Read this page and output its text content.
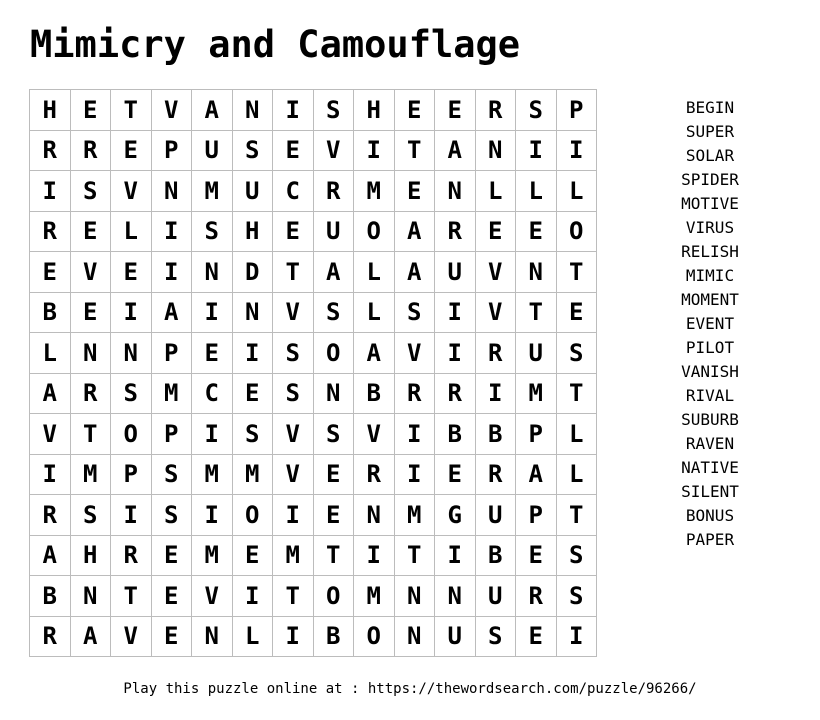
Mimicry and Camouflage
H	E	T	V	A	N	I	S	H	E	E	R	S	P
R	R	E	P	U	S	E	V	I	T	A	N	I	I
I	S	V	N	M	U	C	R	M	E	N	L	L	L
R	E	L	I	S	H	E	U	O	A	R	E	E	O
E	V	E	I	N	D	T	A	L	A	U	V	N	T
B	E	I	A	I	N	V	S	L	S	I	V	T	E
L	N	N	P	E	I	S	O	A	V	I	R	U	S
A	R	S	M	C	E	S	N	B	R	R	I	M	T
V	T	O	P	I	S	V	S	V	I	B	B	P	L
I	M	P	S	M	M	V	E	R	I	E	R	A	L
R	S	I	S	I	O	I	E	N	M	G	U	P	T
A	H	R	E	M	E	M	T	I	T	I	B	E	S
B	N	T	E	V	I	T	O	M	N	N	U	R	S
R	A	V	E	N	L	I	B	O	N	U	S	E	I
BEGIN
SUPER
SOLAR
SPIDER
MOTIVE
VIRUS
RELISH
MIMIC
MOMENT
EVENT
PILOT
VANISH
RIVAL
SUBURB
RAVEN
NATIVE
SILENT
BONUS
PAPER
Play this puzzle online at : https://thewordsearch.com/puzzle/96266/
